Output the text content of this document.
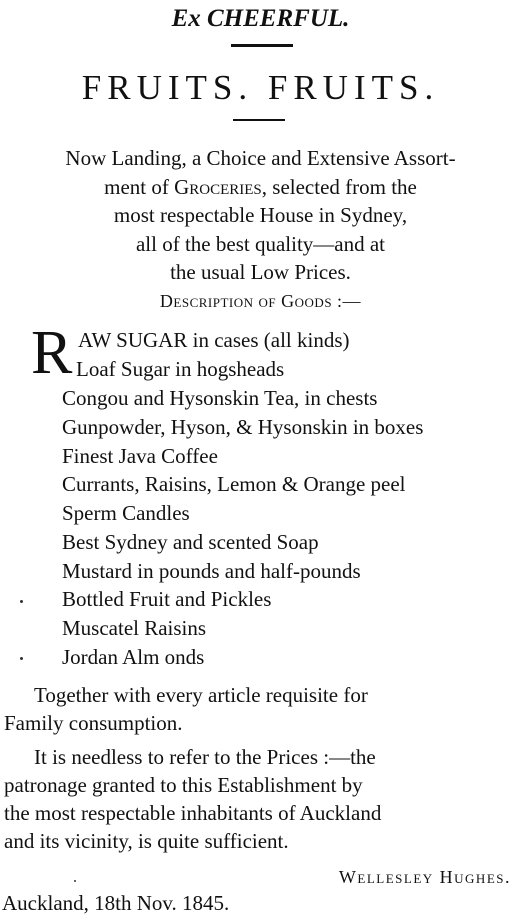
Ex CHEERFUL.
FRUITS. FRUITS.
Now Landing, a Choice and Extensive Assort-
ment of Groceries, selected from the
most respectable House in Sydney,
all of the best quality—and at
the usual Low Prices.
Description of Goods :—
R AW SUGAR in cases (all kinds)
Loaf Sugar in hogsheads
Congou and Hysonskin Tea, in chests
Gunpowder, Hyson, & Hysonskin in boxes
Finest Java Coffee
Currants, Raisins, Lemon & Orange peel
Sperm Candles
Best Sydney and scented Soap
Mustard in pounds and half-pounds
Bottled Fruit and Pickles
Muscatel Raisins
Jordan Alm onds
Together with every article requisite for
Family consumption.
It is needless to refer to the Prices :—the
patronage granted to this Establishment by
the most respectable inhabitants of Auckland
and its vicinity, is quite sufficient.
Wellesley Hughes.
Auckland, 18th Nov. 1845.
